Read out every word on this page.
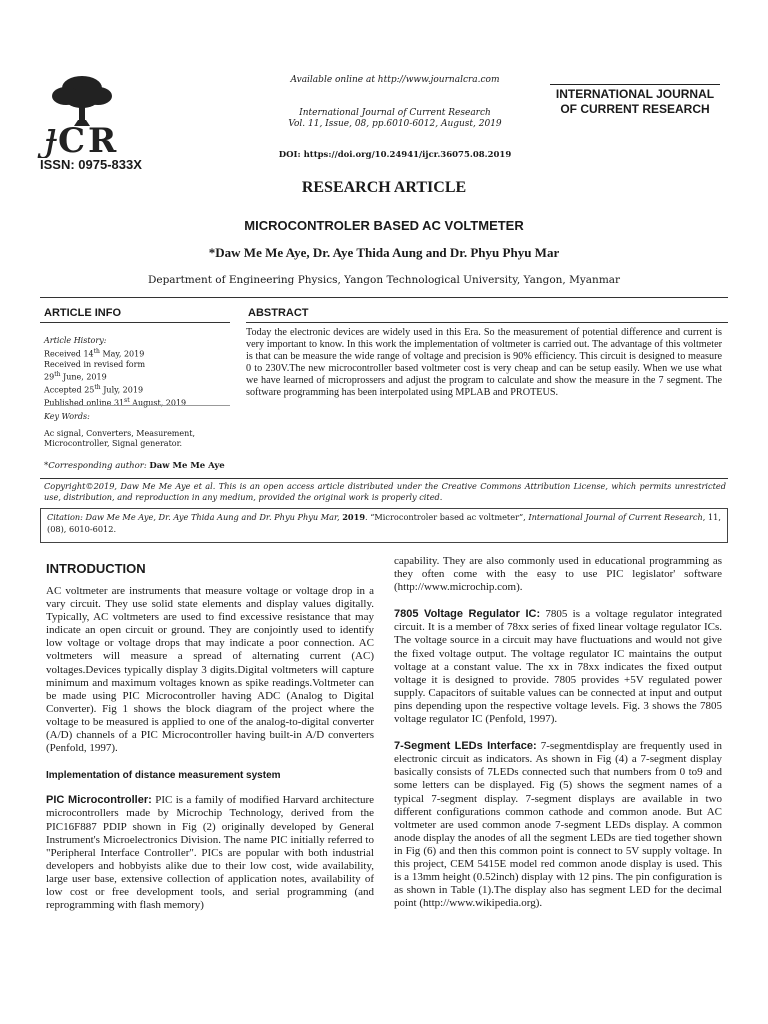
ɟ C R
ISSN: 0975-833X
Available online at http://www.journalcra.com
International Journal of Current Research
Vol. 11, Issue, 08, pp.6010-6012, August, 2019
DOI: https://doi.org/10.24941/ijcr.36075.08.2019
INTERNATIONAL JOURNAL
OF CURRENT RESEARCH
RESEARCH ARTICLE
MICROCONTROLER BASED AC VOLTMETER
*Daw Me Me Aye, Dr. Aye Thida Aung and Dr. Phyu Phyu Mar
Department of Engineering Physics, Yangon Technological University, Yangon, Myanmar
ARTICLE INFO
Article History:
Received 14th May, 2019
Received in revised form
29th June, 2019
Accepted 25th July, 2019
Published online 31st August, 2019
Key Words:
Ac signal, Converters, Measurement,
Microcontroller, Signal generator.
*Corresponding author: Daw Me Me Aye
ABSTRACT
Today the electronic devices are widely used in this Era. So the measurement of potential difference and current is very important to know. In this work the implementation of voltmeter is carried out. The advantage of this voltmeter is that can be measure the wide range of voltage and precision is 90% efficiency. This circuit is designed to measure 0 to 230V.The new microcontroller based voltmeter cost is very cheap and can be setup easily. When we use what we have learned of microprossers and adjust the program to calculate and show the measure in the 7 segment. The software programming has been interpolated using MPLAB and PROTEUS.
Copyright©2019, Daw Me Me Aye et al. This is an open access article distributed under the Creative Commons Attribution License, which permits unrestricted use, distribution, and reproduction in any medium, provided the original work is properly cited.
Citation: Daw Me Me Aye, Dr. Aye Thida Aung and Dr. Phyu Phyu Mar, 2019. “Microcontroler based ac voltmeter”, International Journal of Current Research, 11, (08), 6010-6012.
INTRODUCTION

AC voltmeter are instruments that measure voltage or voltage drop in a vary circuit. They use solid state elements and display values digitally. Typically, AC voltmeters are used to find excessive resistance that may indicate an open circuit or ground. They are conjointly used to identify low voltage or voltage drops that may indicate a poor connection. AC voltmeters will measure a spread of alternating current (AC) voltages.Devices typically display 3 digits.Digital voltmeters will capture minimum and maximum voltages known as spike readings.Voltmeter can be made using PIC Microcontroller having ADC (Analog to Digital Converter). Fig 1 shows the block diagram of the project where the voltage to be measured is applied to one of the analog-to-digital converter (A/D) channels of a PIC Microcontroller having built-in A/D converters (Penfold, 1997).

Implementation of distance measurement system

PIC Microcontroller: PIC is a family of modified Harvard architecture microcontrollers made by Microchip Technology, derived from the PIC16F887 PDIP shown in Fig (2) originally developed by General Instrument's Microelectronics Division. The name PIC initially referred to "Peripheral Interface Controller". PICs are popular with both industrial developers and hobbyists alike due to their low cost, wide availability, large user base, extensive collection of application notes, availability of low cost or free development tools, and serial programming (and reprogramming with flash memory)

capability. They are also commonly used in educational programming as they often come with the easy to use PIC legislator' software (http://www.microchip.com).

7805 Voltage Regulator IC: 7805 is a voltage regulator integrated circuit. It is a member of 78xx series of fixed linear voltage regulator ICs. The voltage source in a circuit may have fluctuations and would not give the fixed voltage output. The voltage regulator IC maintains the output voltage at a constant value. The xx in 78xx indicates the fixed output voltage it is designed to provide. 7805 provides +5V regulated power supply. Capacitors of suitable values can be connected at input and output pins depending upon the respective voltage levels. Fig. 3 shows the 7805 voltage regulator IC (Penfold, 1997).

7-Segment LEDs Interface: 7-segmentdisplay are frequently used in electronic circuit as indicators. As shown in Fig (4) a 7-segment display basically consists of 7LEDs connected such that numbers from 0 to9 and some letters can be displayed. Fig (5) shows the segment names of a typical 7-segment display. 7-segment displays are available in two different configurations common cathode and common anode. But AC voltmeter are used common anode 7-segment LEDs display. A common anode display the anodes of all the segment LEDs are tied together shown in Fig (6) and then this common point is connect to 5V supply voltage. In this project, CEM 5415E model red common anode display is used. This is a 13mm height (0.52inch) display with 12 pins. The pin configuration is as shown in Table (1).The display also has segment LED for the decimal point (http://www.wikipedia.org).
